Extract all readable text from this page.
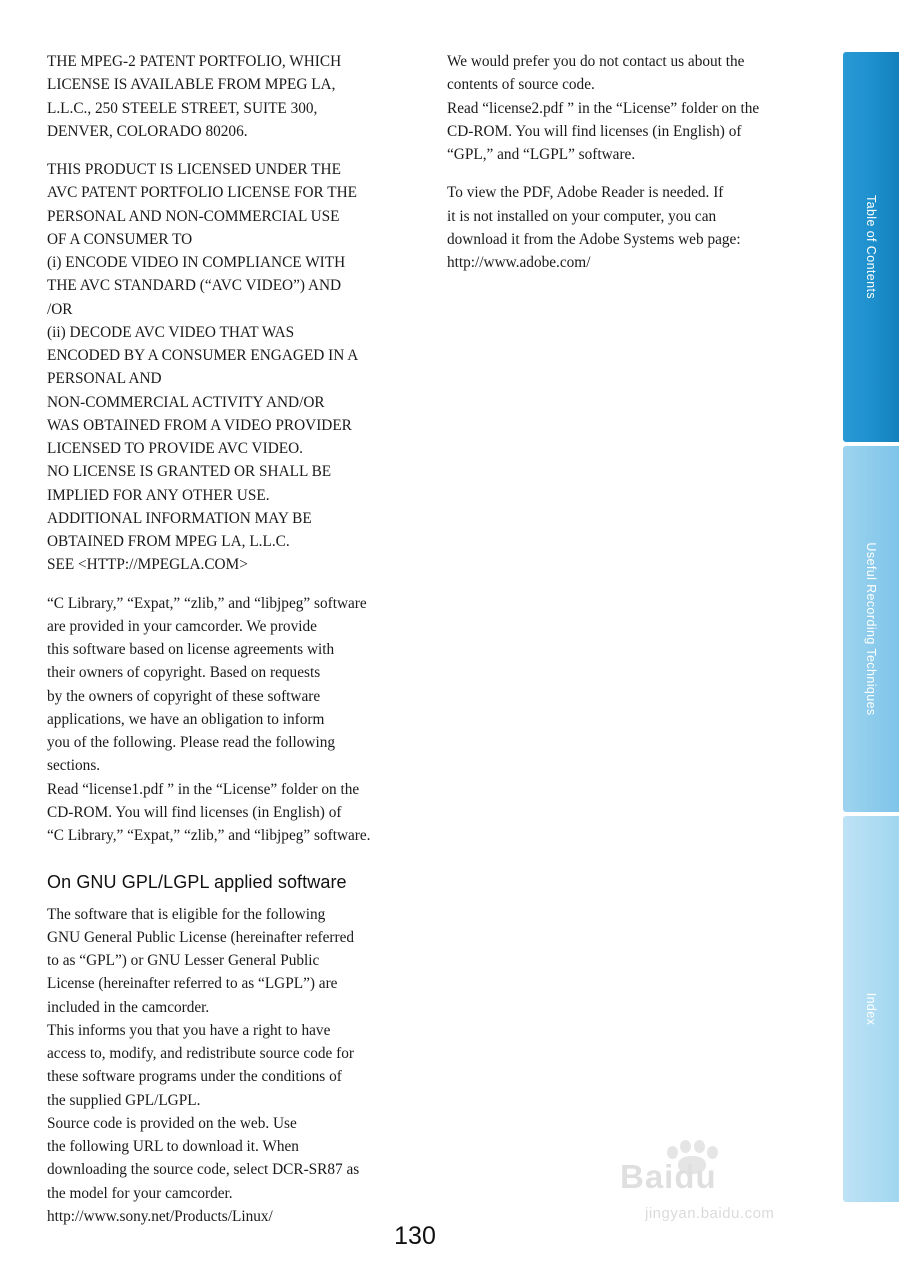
Table of Contents
Useful Recording Techniques
Index

THE MPEG-2 PATENT PORTFOLIO, WHICH
LICENSE IS AVAILABLE FROM MPEG LA,
L.L.C., 250 STEELE STREET, SUITE 300,
DENVER, COLORADO 80206.

THIS PRODUCT IS LICENSED UNDER THE
AVC PATENT PORTFOLIO LICENSE FOR THE
PERSONAL AND NON-COMMERCIAL USE
OF A CONSUMER TO
(i) ENCODE VIDEO IN COMPLIANCE WITH
THE AVC STANDARD (“AVC VIDEO”) AND
/OR
(ii) DECODE AVC VIDEO THAT WAS
ENCODED BY A CONSUMER ENGAGED IN A
PERSONAL AND
NON-COMMERCIAL ACTIVITY AND/OR
WAS OBTAINED FROM A VIDEO PROVIDER
LICENSED TO PROVIDE AVC VIDEO.
NO LICENSE IS GRANTED OR SHALL BE
IMPLIED FOR ANY OTHER USE.
ADDITIONAL INFORMATION MAY BE
OBTAINED FROM MPEG LA, L.L.C.
SEE <HTTP://MPEGLA.COM>

“C Library,” “Expat,” “zlib,” and “libjpeg” software
are provided in your camcorder. We provide
this software based on license agreements with
their owners of copyright. Based on requests
by the owners of copyright of these software
applications, we have an obligation to inform
you of the following. Please read the following
sections.
Read “license1.pdf ” in the “License” folder on the
CD-ROM. You will find licenses (in English) of
“C Library,” “Expat,” “zlib,” and “libjpeg” software.

On GNU GPL/LGPL applied software

The software that is eligible for the following
GNU General Public License (hereinafter referred
to as “GPL”) or GNU Lesser General Public
License (hereinafter referred to as “LGPL”) are
included in the camcorder.
This informs you that you have a right to have
access to, modify, and redistribute source code for
these software programs under the conditions of
the supplied GPL/LGPL.
Source code is provided on the web. Use
the following URL to download it. When
downloading the source code, select DCR-SR87 as
the model for your camcorder.
http://www.sony.net/Products/Linux/

We would prefer you do not contact us about the
contents of source code.
Read “license2.pdf ” in the “License” folder on the
CD-ROM. You will find licenses (in English) of
“GPL,” and “LGPL” software.

To view the PDF, Adobe Reader is needed. If
it is not installed on your computer, you can
download it from the Adobe Systems web page:
http://www.adobe.com/

130
Baidu
jingyan.baidu.com
